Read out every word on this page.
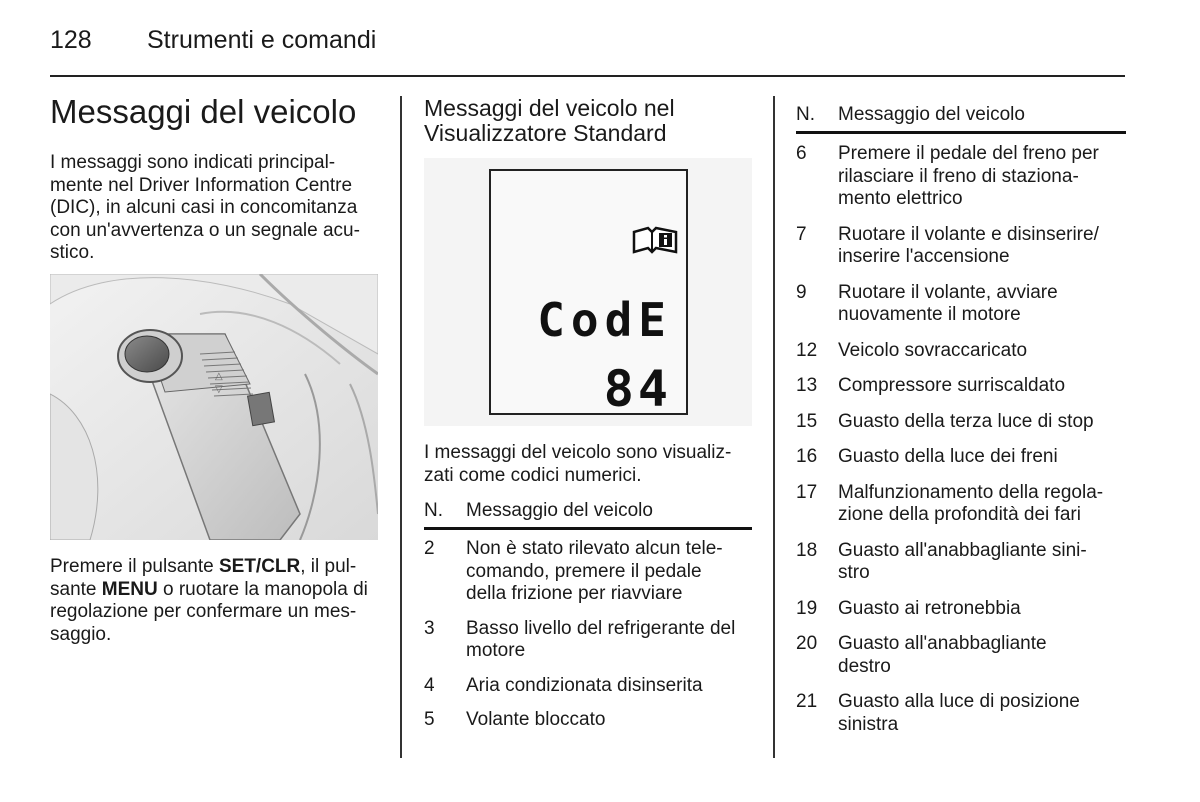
128 Strumenti e comandi
Messaggi del veicolo

I messaggi sono indicati principal-
mente nel Driver Information Centre
(DIC), in alcuni casi in concomitanza
con un'avvertenza o un segnale acu-
stico.

△
▽

Premere il pulsante SET/CLR, il pul-
sante MENU o ruotare la manopola di
regolazione per confermare un mes-
saggio.

Messaggi del veicolo nel
Visualizzatore Standard
CodE
84

I messaggi del veicolo sono visualiz-
zati come codici numerici.

N.	Messaggio del veicolo
2	Non è stato rilevato alcun tele-
comando, premere il pedale
della frizione per riavviare
3	Basso livello del refrigerante del
motore
4	Aria condizionata disinserita
5	Volante bloccato
N.	Messaggio del veicolo
6	Premere il pedale del freno per
rilasciare il freno di staziona-
mento elettrico
7	Ruotare il volante e disinserire/
inserire l'accensione
9	Ruotare il volante, avviare
nuovamente il motore
12	Veicolo sovraccaricato
13	Compressore surriscaldato
15	Guasto della terza luce di stop
16	Guasto della luce dei freni
17	Malfunzionamento della regola-
zione della profondità dei fari
18	Guasto all'anabbagliante sini-
stro
19	Guasto ai retronebbia
20	Guasto all'anabbagliante
destro
21	Guasto alla luce di posizione
sinistra
